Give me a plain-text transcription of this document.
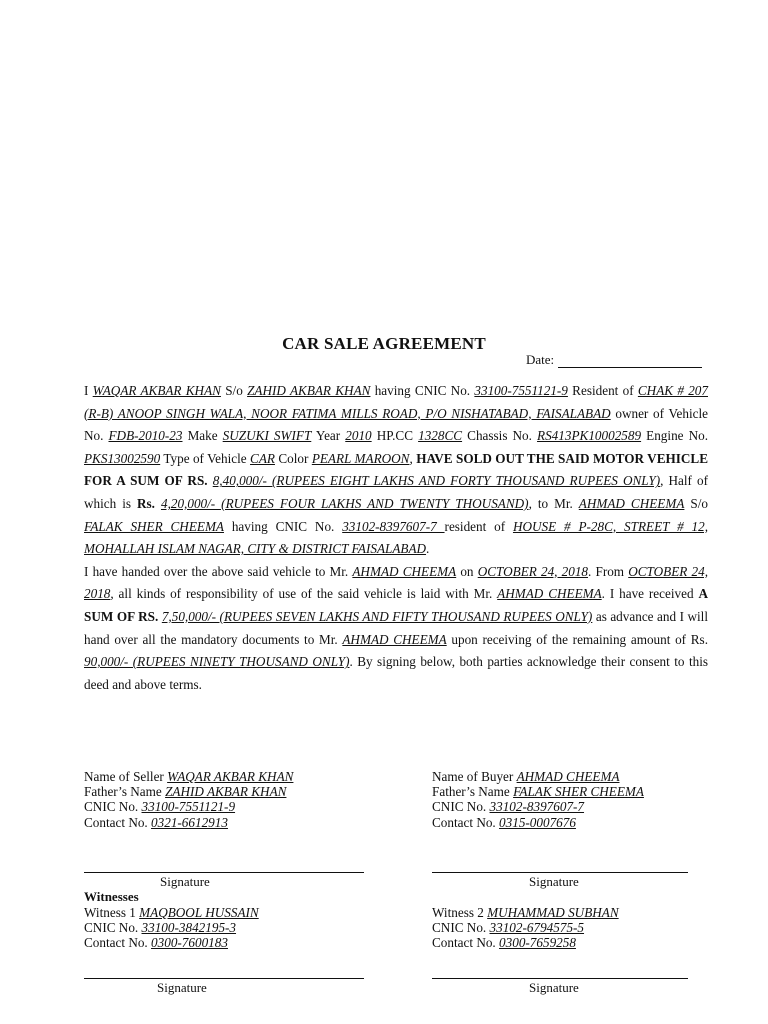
CAR SALE AGREEMENT
Date:

I WAQAR AKBAR KHAN S/o ZAHID AKBAR KHAN having CNIC No. 33100-7551121-9 Resident of CHAK # 207 (R-B) ANOOP SINGH WALA, NOOR FATIMA MILLS ROAD, P/O NISHATABAD, FAISALABAD owner of Vehicle No. FDB-2010-23 Make SUZUKI SWIFT Year 2010 HP.CC 1328CC Chassis No. RS413PK10002589 Engine No. PKS13002590 Type of Vehicle CAR Color PEARL MAROON, HAVE SOLD OUT THE SAID MOTOR VEHICLE FOR A SUM OF RS. 8,40,000/- (RUPEES EIGHT LAKHS AND FORTY THOUSAND RUPEES ONLY), Half of which is Rs. 4,20,000/- (RUPEES FOUR LAKHS AND TWENTY THOUSAND), to Mr. AHMAD CHEEMA S/o FALAK SHER CHEEMA having CNIC No. 33102-8397607-7 resident of HOUSE # P-28C, STREET # 12, MOHALLAH ISLAM NAGAR, CITY & DISTRICT FAISALABAD.

I have handed over the above said vehicle to Mr. AHMAD CHEEMA on OCTOBER 24, 2018. From OCTOBER 24, 2018, all kinds of responsibility of use of the said vehicle is laid with Mr. AHMAD CHEEMA. I have received A SUM OF RS. 7,50,000/- (RUPEES SEVEN LAKHS AND FIFTY THOUSAND RUPEES ONLY) as advance and I will hand over all the mandatory documents to Mr. AHMAD CHEEMA upon receiving of the remaining amount of Rs. 90,000/- (RUPEES NINETY THOUSAND ONLY). By signing below, both parties acknowledge their consent to this deed and above terms.

Name of Seller WAQAR AKBAR KHAN
Father’s Name ZAHID AKBAR KHAN
CNIC No. 33100-7551121-9
Contact No. 0321-6612913
Name of Buyer AHMAD CHEEMA
Father’s Name FALAK SHER CHEEMA
CNIC No. 33102-8397607-7
Contact No. 0315-0007676
Signature	Signature
Witnesses
Witness 1 MAQBOOL HUSSAIN
CNIC No. 33100-3842195-3
Contact No. 0300-7600183
Witness 2 MUHAMMAD SUBHAN
CNIC No. 33102-6794575-5
Contact No. 0300-7659258
Signature	Signature
